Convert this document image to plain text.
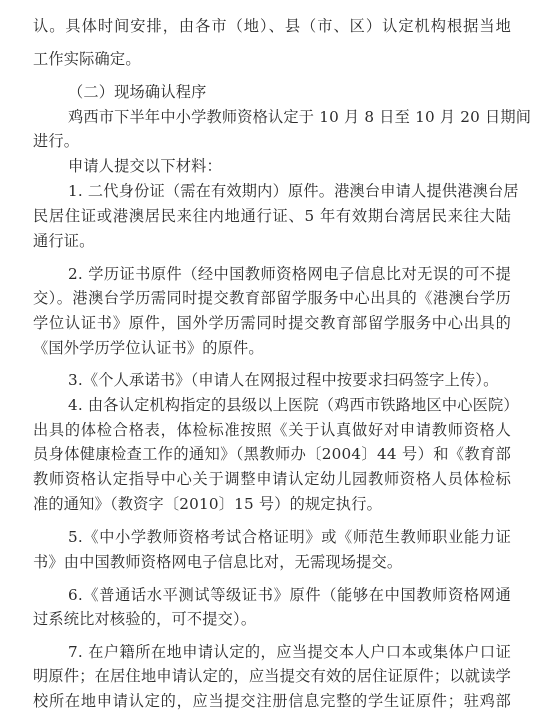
认。具体时间安排，由各市（地）、县（市、区）认定机构根据当地
工作实际确定。
（二）现场确认程序
鸡西市下半年中小学教师资格认定于 10 月 8 日至 10 月 20 日期间
进行。
申请人提交以下材料：
1. 二代身份证（需在有效期内）原件。港澳台申请人提供港澳台居
民居住证或港澳居民来往内地通行证、5 年有效期台湾居民来往大陆
通行证。
2. 学历证书原件（经中国教师资格网电子信息比对无误的可不提
交）。港澳台学历需同时提交教育部留学服务中心出具的《港澳台学历
学位认证书》原件，国外学历需同时提交教育部留学服务中心出具的
《国外学历学位认证书》的原件。
3.《个人承诺书》（申请人在网报过程中按要求扫码签字上传）。
4. 由各认定机构指定的县级以上医院（鸡西市铁路地区中心医院）
出具的体检合格表，体检标准按照《关于认真做好对申请教师资格人
员身体健康检查工作的通知》（黑教师办〔2004〕44 号）和《教育部
教师资格认定指导中心关于调整申请认定幼儿园教师资格人员体检标
准的通知》（教资字〔2010〕15 号）的规定执行。
5.《中小学教师资格考试合格证明》或《师范生教师职业能力证
书》由中国教师资格网电子信息比对，无需现场提交。
6.《普通话水平测试等级证书》原件（能够在中国教师资格网通
过系统比对核验的，可不提交）。
7. 在户籍所在地申请认定的，应当提交本人户口本或集体户口证
明原件；在居住地申请认定的，应当提交有效的居住证原件；以就读学
校所在地申请认定的，应当提交注册信息完整的学生证原件；驻鸡部
